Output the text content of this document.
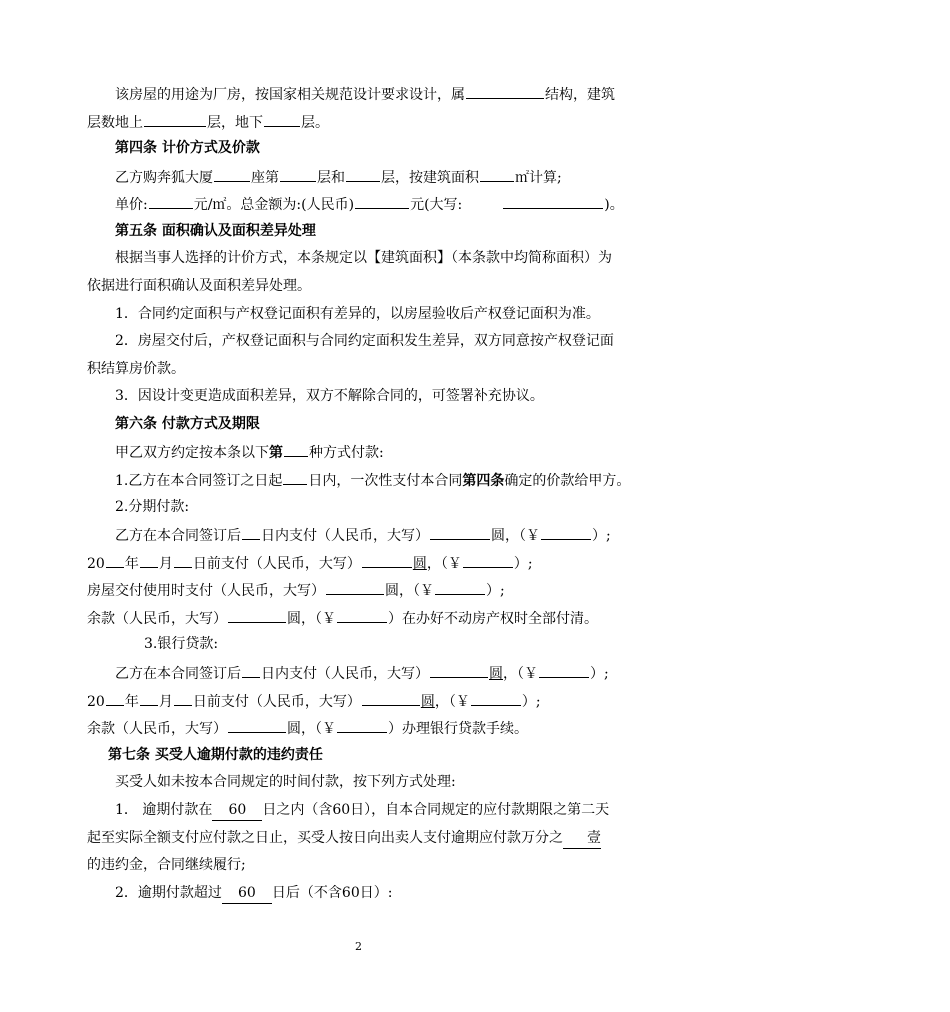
该房屋的用途为厂房，按国家相关规范设计要求设计，属	结构，建筑
层数地上	层，地下	层。
第四条 计价方式及价款
乙方购奔狐大厦	座第	层和	层，按建筑面积	㎡计算;
单价:	元/㎡。总金额为:(人民币)	元(大写:	)。
第五条 面积确认及面积差异处理
根据当事人选择的计价方式，本条规定以【建筑面积】（本条款中均简称面积）为
依据进行面积确认及面积差异处理。
1．合同约定面积与产权登记面积有差异的，以房屋验收后产权登记面积为准。
2．房屋交付后，产权登记面积与合同约定面积发生差异，双方同意按产权登记面
积结算房价款。
3．因设计变更造成面积差异，双方不解除合同的，可签署补充协议。
第六条 付款方式及期限
甲乙双方约定按本条以下第 种方式付款:
1.乙方在本合同签订之日起 日内，一次性支付本合同第四条确定的价款给甲方。
2.分期付款:
乙方在本合同签订后 日内支付（人民币，大写）	圆，（￥	）;
20 年 月 日前支付（人民币，大写）	圆，（￥	）;
房屋交付使用时支付（人民币，大写）	圆，（￥	）;
余款（人民币，大写）	圆，（￥	）在办好不动房产权时全部付清。
3.银行贷款:
乙方在本合同签订后 日内支付（人民币，大写）	圆，（￥	）;
20 年 月 日前支付（人民币，大写）	圆，（￥	）;
余款（人民币，大写）	圆，（￥	）办理银行贷款手续。
第七条 买受人逾期付款的违约责任
买受人如未按本合同规定的时间付款，按下列方式处理:
1． 逾期付款在 60 日之内（含60日），自本合同规定的应付款期限之第二天
起至实际全额支付应付款之日止，买受人按日向出卖人支付逾期应付款万分之 壹
的违约金，合同继续履行;
2．逾期付款超过 60 日后（不含60日）:
2
